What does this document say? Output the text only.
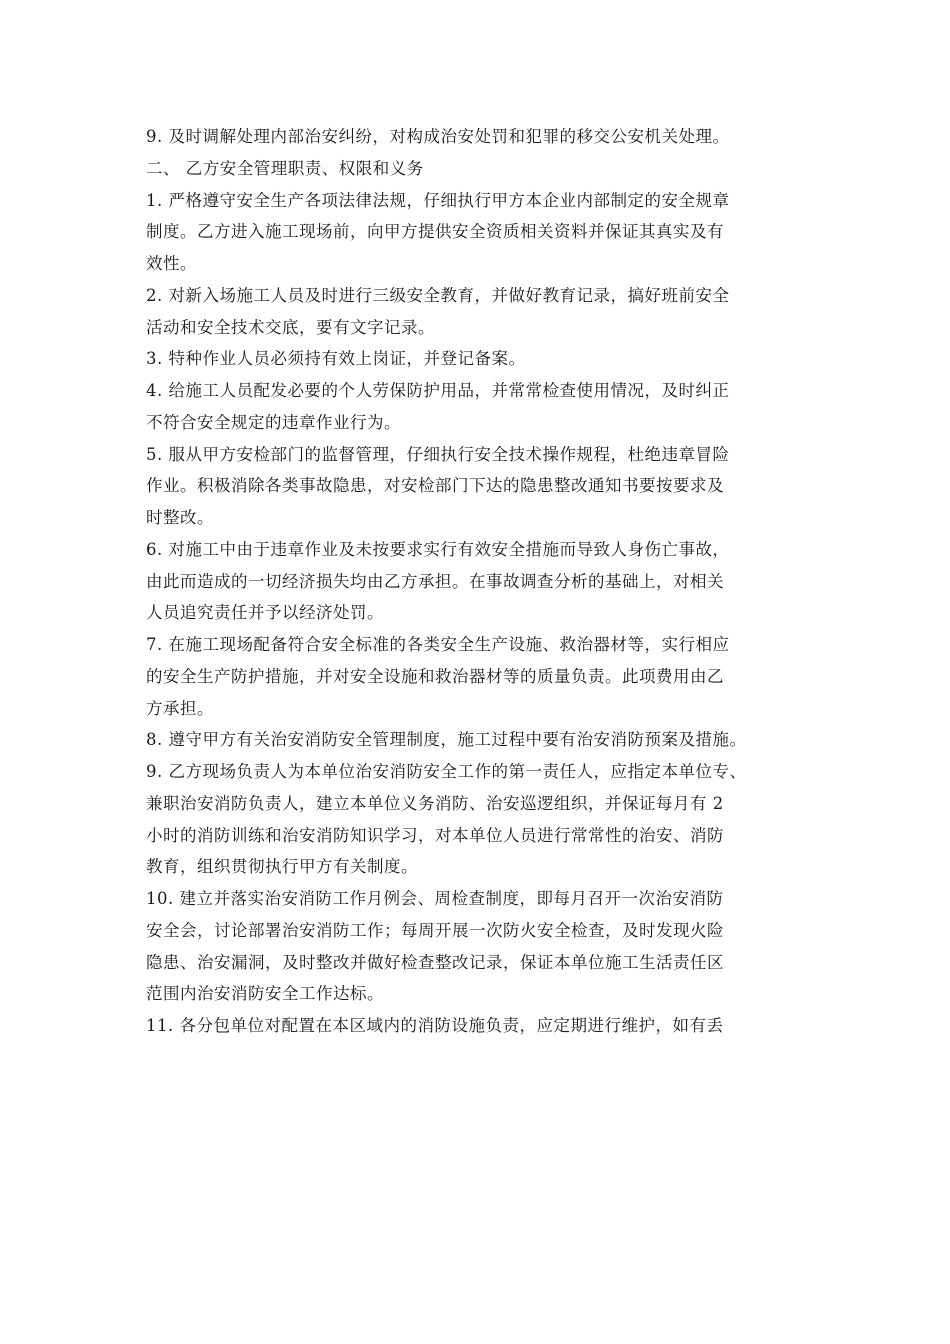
9. 及时调解处理内部治安纠纷，对构成治安处罚和犯罪的移交公安机关处理。
二、 乙方安全管理职责、权限和义务
1. 严格遵守安全生产各项法律法规，仔细执行甲方本企业内部制定的安全规章
制度。乙方进入施工现场前，向甲方提供安全资质相关资料并保证其真实及有
效性。
2. 对新入场施工人员及时进行三级安全教育，并做好教育记录，搞好班前安全
活动和安全技术交底，要有文字记录。
3. 特种作业人员必须持有效上岗证，并登记备案。
4. 给施工人员配发必要的个人劳保防护用品，并常常检查使用情况，及时纠正
不符合安全规定的违章作业行为。
5. 服从甲方安检部门的监督管理，仔细执行安全技术操作规程，杜绝违章冒险
作业。积极消除各类事故隐患，对安检部门下达的隐患整改通知书要按要求及
时整改。
6. 对施工中由于违章作业及未按要求实行有效安全措施而导致人身伤亡事故，
由此而造成的一切经济损失均由乙方承担。在事故调查分析的基础上，对相关
人员追究责任并予以经济处罚。
7. 在施工现场配备符合安全标准的各类安全生产设施、救治器材等，实行相应
的安全生产防护措施，并对安全设施和救治器材等的质量负责。此项费用由乙
方承担。
8. 遵守甲方有关治安消防安全管理制度，施工过程中要有治安消防预案及措施。
9. 乙方现场负责人为本单位治安消防安全工作的第一责任人，应指定本单位专、
兼职治安消防负责人，建立本单位义务消防、治安巡逻组织，并保证每月有 2
小时的消防训练和治安消防知识学习，对本单位人员进行常常性的治安、消防
教育，组织贯彻执行甲方有关制度。
10. 建立并落实治安消防工作月例会、周检查制度，即每月召开一次治安消防
安全会，讨论部署治安消防工作；每周开展一次防火安全检查，及时发现火险
隐患、治安漏洞，及时整改并做好检查整改记录，保证本单位施工生活责任区
范围内治安消防安全工作达标。
11. 各分包单位对配置在本区域内的消防设施负责，应定期进行维护，如有丢
